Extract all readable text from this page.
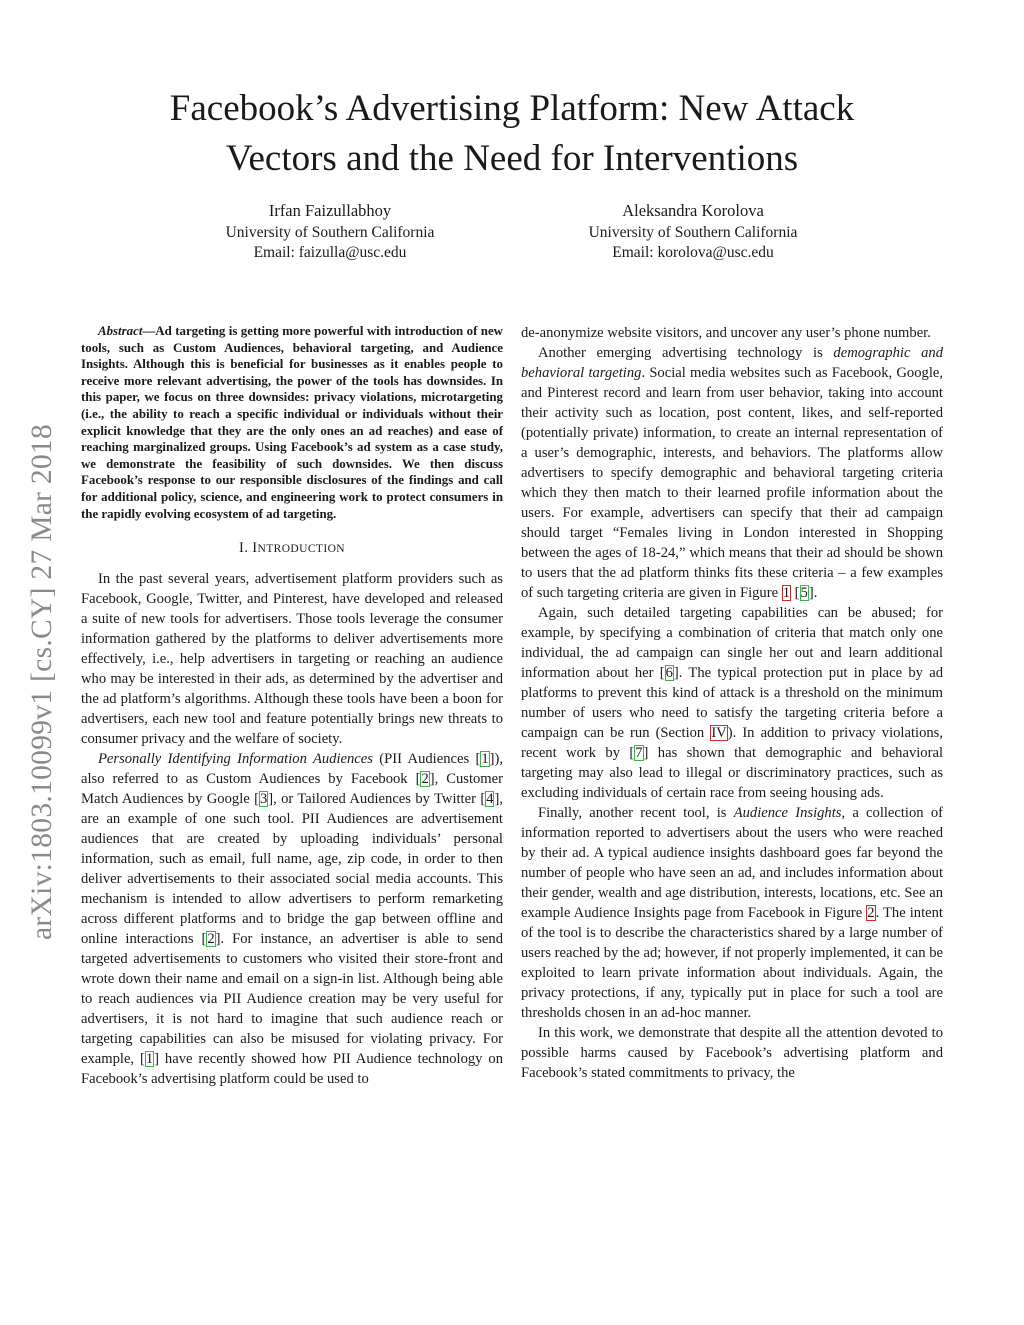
arXiv:1803.10099v1 [cs.CY] 27 Mar 2018
Facebook’s Advertising Platform: New Attack
Vectors and the Need for Interventions
Irfan Faizullabhoy
University of Southern California
Email: faizulla@usc.edu
Aleksandra Korolova
University of Southern California
Email: korolova@usc.edu

Abstract—Ad targeting is getting more powerful with introduction of new tools, such as Custom Audiences, behavioral targeting, and Audience Insights. Although this is beneficial for businesses as it enables people to receive more relevant advertising, the power of the tools has downsides. In this paper, we focus on three downsides: privacy violations, microtargeting (i.e., the ability to reach a specific individual or individuals without their explicit knowledge that they are the only ones an ad reaches) and ease of reaching marginalized groups. Using Facebook’s ad system as a case study, we demonstrate the feasibility of such downsides. We then discuss Facebook’s response to our responsible disclosures of the findings and call for additional policy, science, and engineering work to protect consumers in the rapidly evolving ecosystem of ad targeting.

I. INTRODUCTION

In the past several years, advertisement platform providers such as Facebook, Google, Twitter, and Pinterest, have developed and released a suite of new tools for advertisers. Those tools leverage the consumer information gathered by the platforms to deliver advertisements more effectively, i.e., help advertisers in targeting or reaching an audience who may be interested in their ads, as determined by the advertiser and the ad platform’s algorithms. Although these tools have been a boon for advertisers, each new tool and feature potentially brings new threats to consumer privacy and the welfare of society.

Personally Identifying Information Audiences (PII Audiences [1]), also referred to as Custom Audiences by Facebook [2], Customer Match Audiences by Google [3], or Tailored Audiences by Twitter [4], are an example of one such tool. PII Audiences are advertisement audiences that are created by uploading individuals’ personal information, such as email, full name, age, zip code, in order to then deliver advertisements to their associated social media accounts. This mechanism is intended to allow advertisers to perform remarketing across different platforms and to bridge the gap between offline and online interactions [2]. For instance, an advertiser is able to send targeted advertisements to customers who visited their store-front and wrote down their name and email on a sign-in list. Although being able to reach audiences via PII Audience creation may be very useful for advertisers, it is not hard to imagine that such audience reach or targeting capabilities can also be misused for violating privacy. For example, [1] have recently showed how PII Audience technology on Facebook’s advertising platform could be used to

de-anonymize website visitors, and uncover any user’s phone number.

Another emerging advertising technology is demographic and behavioral targeting. Social media websites such as Facebook, Google, and Pinterest record and learn from user behavior, taking into account their activity such as location, post content, likes, and self-reported (potentially private) information, to create an internal representation of a user’s demographic, interests, and behaviors. The platforms allow advertisers to specify demographic and behavioral targeting criteria which they then match to their learned profile information about the users. For example, advertisers can specify that their ad campaign should target “Females living in London interested in Shopping between the ages of 18-24,” which means that their ad should be shown to users that the ad platform thinks fits these criteria – a few examples of such targeting criteria are given in Figure 1 [5].

Again, such detailed targeting capabilities can be abused; for example, by specifying a combination of criteria that match only one individual, the ad campaign can single her out and learn additional information about her [6]. The typical protection put in place by ad platforms to prevent this kind of attack is a threshold on the minimum number of users who need to satisfy the targeting criteria before a campaign can be run (Section IV). In addition to privacy violations, recent work by [7] has shown that demographic and behavioral targeting may also lead to illegal or discriminatory practices, such as excluding individuals of certain race from seeing housing ads.

Finally, another recent tool, is Audience Insights, a collection of information reported to advertisers about the users who were reached by their ad. A typical audience insights dashboard goes far beyond the number of people who have seen an ad, and includes information about their gender, wealth and age distribution, interests, locations, etc. See an example Audience Insights page from Facebook in Figure 2. The intent of the tool is to describe the characteristics shared by a large number of users reached by the ad; however, if not properly implemented, it can be exploited to learn private information about individuals. Again, the privacy protections, if any, typically put in place for such a tool are thresholds chosen in an ad-hoc manner.

In this work, we demonstrate that despite all the attention devoted to possible harms caused by Facebook’s advertising platform and Facebook’s stated commitments to privacy, the
